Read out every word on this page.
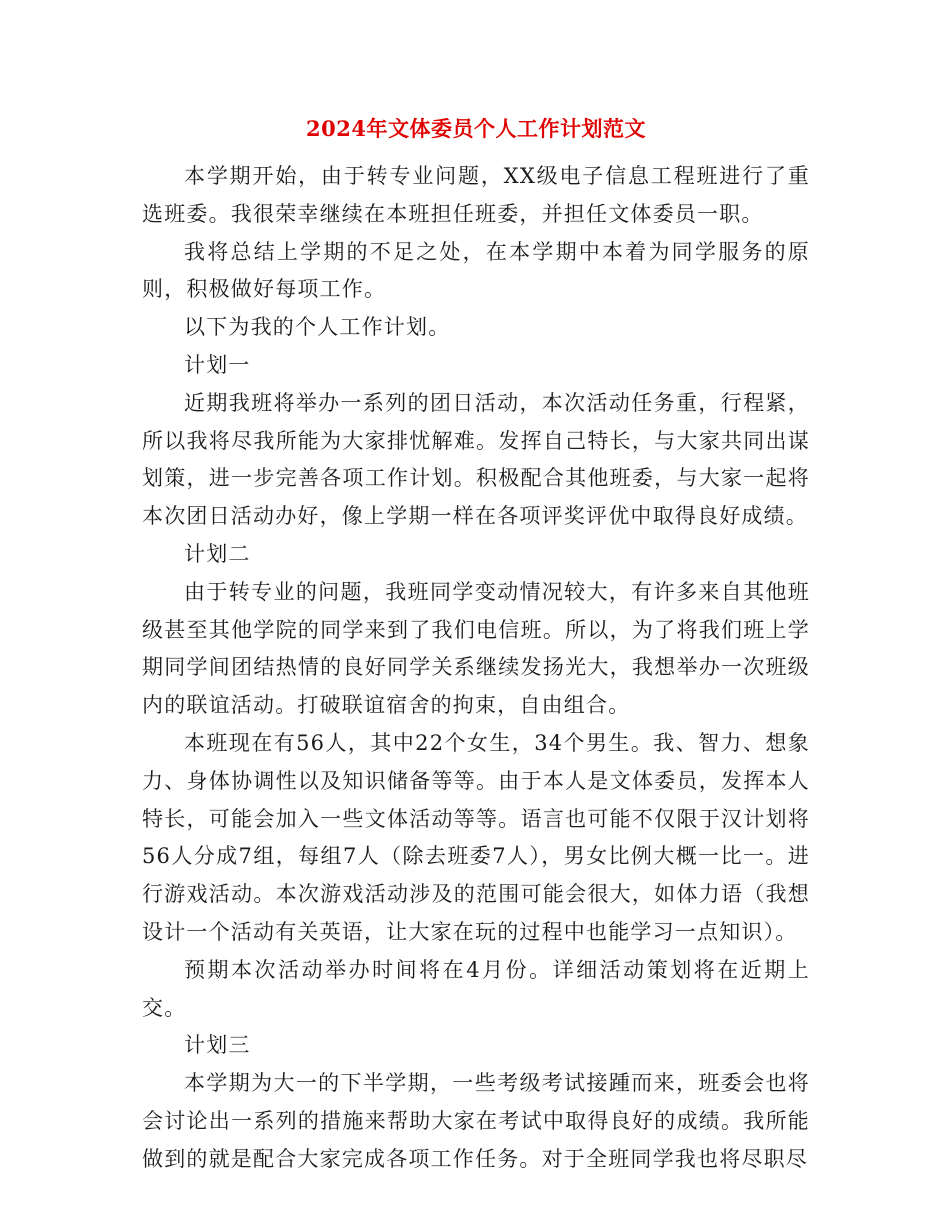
2024年文体委员个人工作计划范文

本学期开始，由于转专业问题，XX级电子信息工程班进行了重选班委。我很荣幸继续在本班担任班委，并担任文体委员一职。

我将总结上学期的不足之处，在本学期中本着为同学服务的原则，积极做好每项工作。

以下为我的个人工作计划。

计划一

近期我班将举办一系列的团日活动，本次活动任务重，行程紧，所以我将尽我所能为大家排忧解难。发挥自己特长，与大家共同出谋划策，进一步完善各项工作计划。积极配合其他班委，与大家一起将本次团日活动办好，像上学期一样在各项评奖评优中取得良好成绩。

计划二

由于转专业的问题，我班同学变动情况较大，有许多来自其他班级甚至其他学院的同学来到了我们电信班。所以，为了将我们班上学期同学间团结热情的良好同学关系继续发扬光大，我想举办一次班级内的联谊活动。打破联谊宿舍的拘束，自由组合。

本班现在有56人，其中22个女生，34个男生。我、智力、想象力、身体协调性以及知识储备等等。由于本人是文体委员，发挥本人特长，可能会加入一些文体活动等等。语言也可能不仅限于汉计划将56人分成7组，每组7人（除去班委7人），男女比例大概一比一。进行游戏活动。本次游戏活动涉及的范围可能会很大，如体力语（我想设计一个活动有关英语，让大家在玩的过程中也能学习一点知识）。

预期本次活动举办时间将在4月份。详细活动策划将在近期上交。

计划三

本学期为大一的下半学期，一些考级考试接踵而来，班委会也将会讨论出一系列的措施来帮助大家在考试中取得良好的成绩。我所能做到的就是配合大家完成各项工作任务。对于全班同学我也将尽职尽
